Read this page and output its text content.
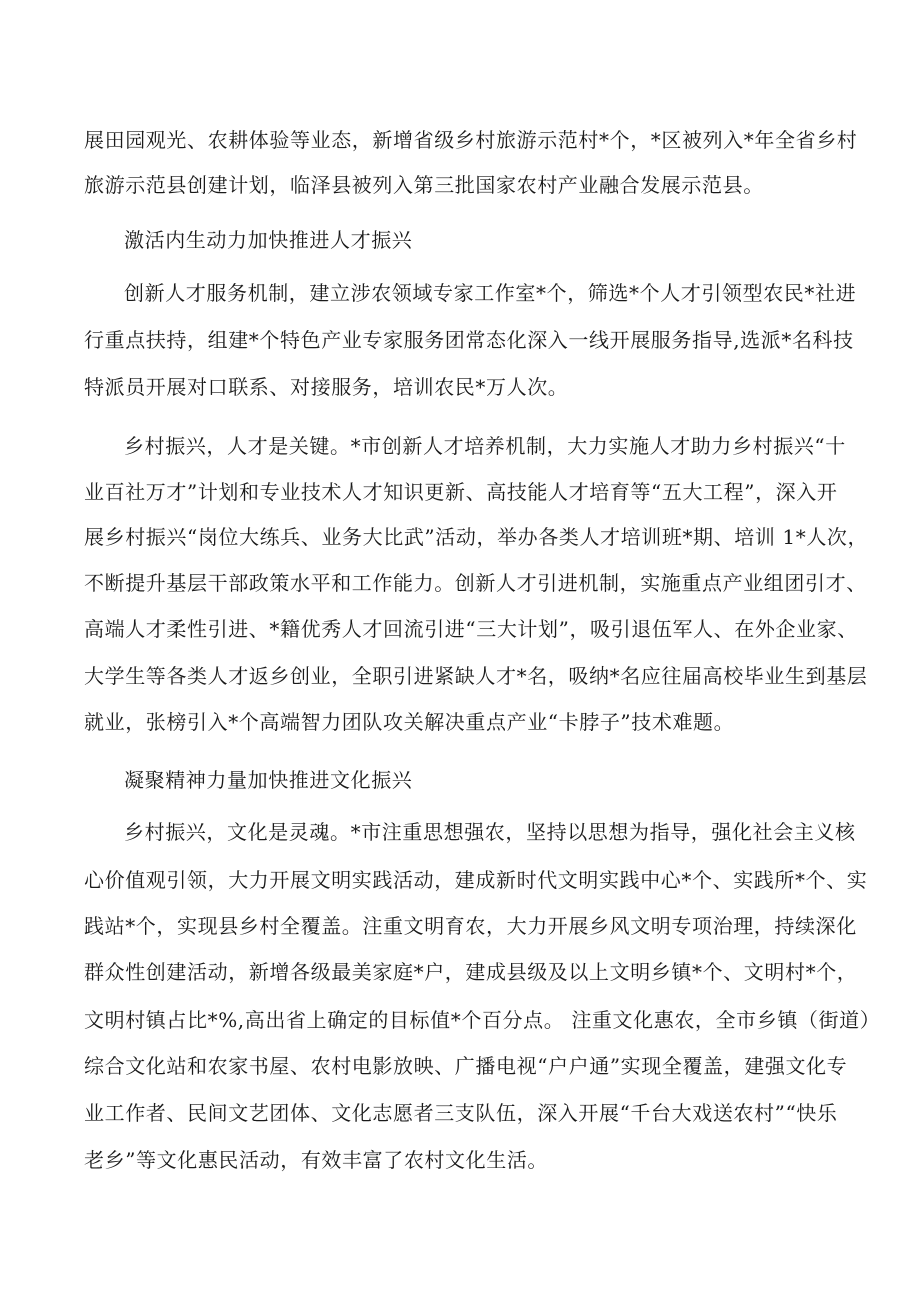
展田园观光、农耕体验等业态，新增省级乡村旅游示范村*个，*区被列入*年全省乡村
旅游示范县创建计划，临泽县被列入第三批国家农村产业融合发展示范县。
激活内生动力加快推进人才振兴
创新人才服务机制，建立涉农领域专家工作室*个，筛选*个人才引领型农民*社进
行重点扶持，组建*个特色产业专家服务团常态化深入一线开展服务指导,选派*名科技
特派员开展对口联系、对接服务，培训农民*万人次。
乡村振兴，人才是关键。*市创新人才培养机制，大力实施人才助力乡村振兴“十
业百社万才”计划和专业技术人才知识更新、高技能人才培育等“五大工程”，深入开
展乡村振兴“岗位大练兵、业务大比武”活动，举办各类人才培训班*期、培训 1*人次，
不断提升基层干部政策水平和工作能力。创新人才引进机制，实施重点产业组团引才、
高端人才柔性引进、*籍优秀人才回流引进“三大计划”，吸引退伍军人、在外企业家、
大学生等各类人才返乡创业，全职引进紧缺人才*名，吸纳*名应往届高校毕业生到基层
就业，张榜引入*个高端智力团队攻关解决重点产业“卡脖子”技术难题。
凝聚精神力量加快推进文化振兴
乡村振兴，文化是灵魂。*市注重思想强农，坚持以思想为指导，强化社会主义核
心价值观引领，大力开展文明实践活动，建成新时代文明实践中心*个、实践所*个、实
践站*个，实现县乡村全覆盖。注重文明育农，大力开展乡风文明专项治理，持续深化
群众性创建活动，新增各级最美家庭*户，建成县级及以上文明乡镇*个、文明村*个，
文明村镇占比*%,高出省上确定的目标值*个百分点。 注重文化惠农，全市乡镇（街道）
综合文化站和农家书屋、农村电影放映、广播电视“户户通”实现全覆盖，建强文化专
业工作者、民间文艺团体、文化志愿者三支队伍，深入开展“千台大戏送农村”“快乐
老乡”等文化惠民活动，有效丰富了农村文化生活。
